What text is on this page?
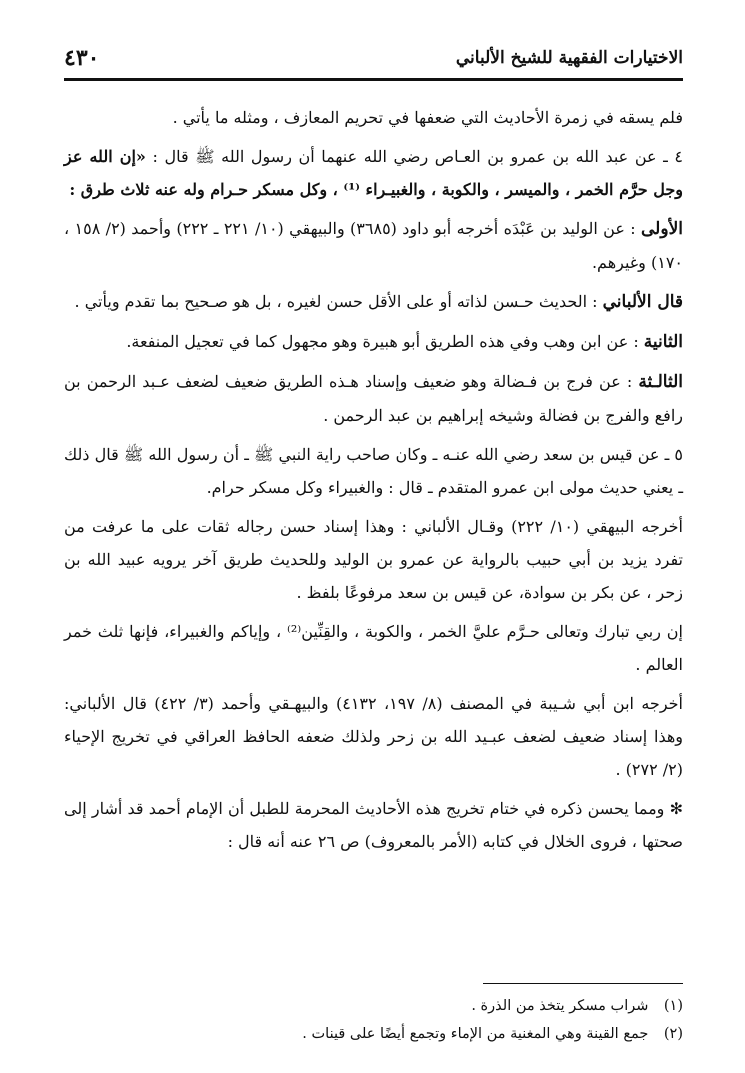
الاختيارات الفقهية للشيخ الألباني
٤٣٠

فلم يسقه في زمرة الأحاديث التي ضعفها في تحريم المعازف ، ومثله ما يأتي .

٤ ـ عن عبد الله بن عمرو بن العـاص رضي الله عنهما أن رسول الله ﷺ قال : «إن الله عز وجل حرَّم الخمر ، والميسر ، والكوبة ، والغبيـراء ⁽¹⁾ ، وكل مسكر حـرام وله عنه ثلاث طرق :

الأولى : عن الوليد بن عَبْدَه أخرجه أبو داود (٣٦٨٥) والبيهقي (١٠/ ٢٢١ ـ ٢٢٢) وأحمد (٢/ ١٥٨ ، ١٧٠) وغيرهم.

قال الألباني : الحديث حـسن لذاته أو على الأقل حسن لغيره ، بل هو صـحيح بما تقدم ويأتي .

الثانية : عن ابن وهب وفي هذه الطريق أبو هبيرة وهو مجهول كما في تعجيل المنفعة.

الثالـثة : عن فرج بن فـضالة وهو ضعيف وإسناد هـذه الطريق ضعيف لضعف عـبد الرحمن بن رافع والفرج بن فضالة وشيخه إبراهيم بن عبد الرحمن .

٥ ـ عن قيس بن سعد رضي الله عنـه ـ وكان صاحب راية النبي ﷺ ـ أن رسول الله ﷺ قال ذلك ـ يعني حديث مولى ابن عمرو المتقدم ـ قال : والغبيراء وكل مسكر حرام.

أخرجه البيهقي (١٠/ ٢٢٢) وقـال الألباني : وهذا إسناد حسن رجاله ثقات على ما عرفت من تفرد يزيد بن أبي حبيب بالرواية عن عمرو بن الوليد وللحديث طريق آخر يرويه عبيد الله بن زحر ، عن بكر بن سوادة، عن قيس بن سعد مرفوعًا بلفظ .

إن ربي تبارك وتعالى حـرَّم عليَّ الخمر ، والكوبة ، والقِنِّين⁽²⁾ ، وإياكم والغبيراء، فإنها ثلث خمر العالم .

أخرجه ابن أبي شـيبة في المصنف (٨/ ١٩٧، ٤١٣٢) والبيهـقي وأحمد (٣/ ٤٢٢) قال الألباني: وهذا إسناد ضعيف لضعف عبـيد الله بن زحر ولذلك ضعفه الحافظ العراقي في تخريج الإحياء (٢/ ٢٧٢) .

✻ ومما يحسن ذكره في ختام تخريج هذه الأحاديث المحرمة للطبل أن الإمام أحمد قد أشار إلى صحتها ، فروى الخلال في كتابه (الأمر بالمعروف) ص ٢٦ عنه أنه قال :

(١) شراب مسكر يتخذ من الذرة .
(٢) جمع القينة وهي المغنية من الإماء وتجمع أيضًا على قينات .
